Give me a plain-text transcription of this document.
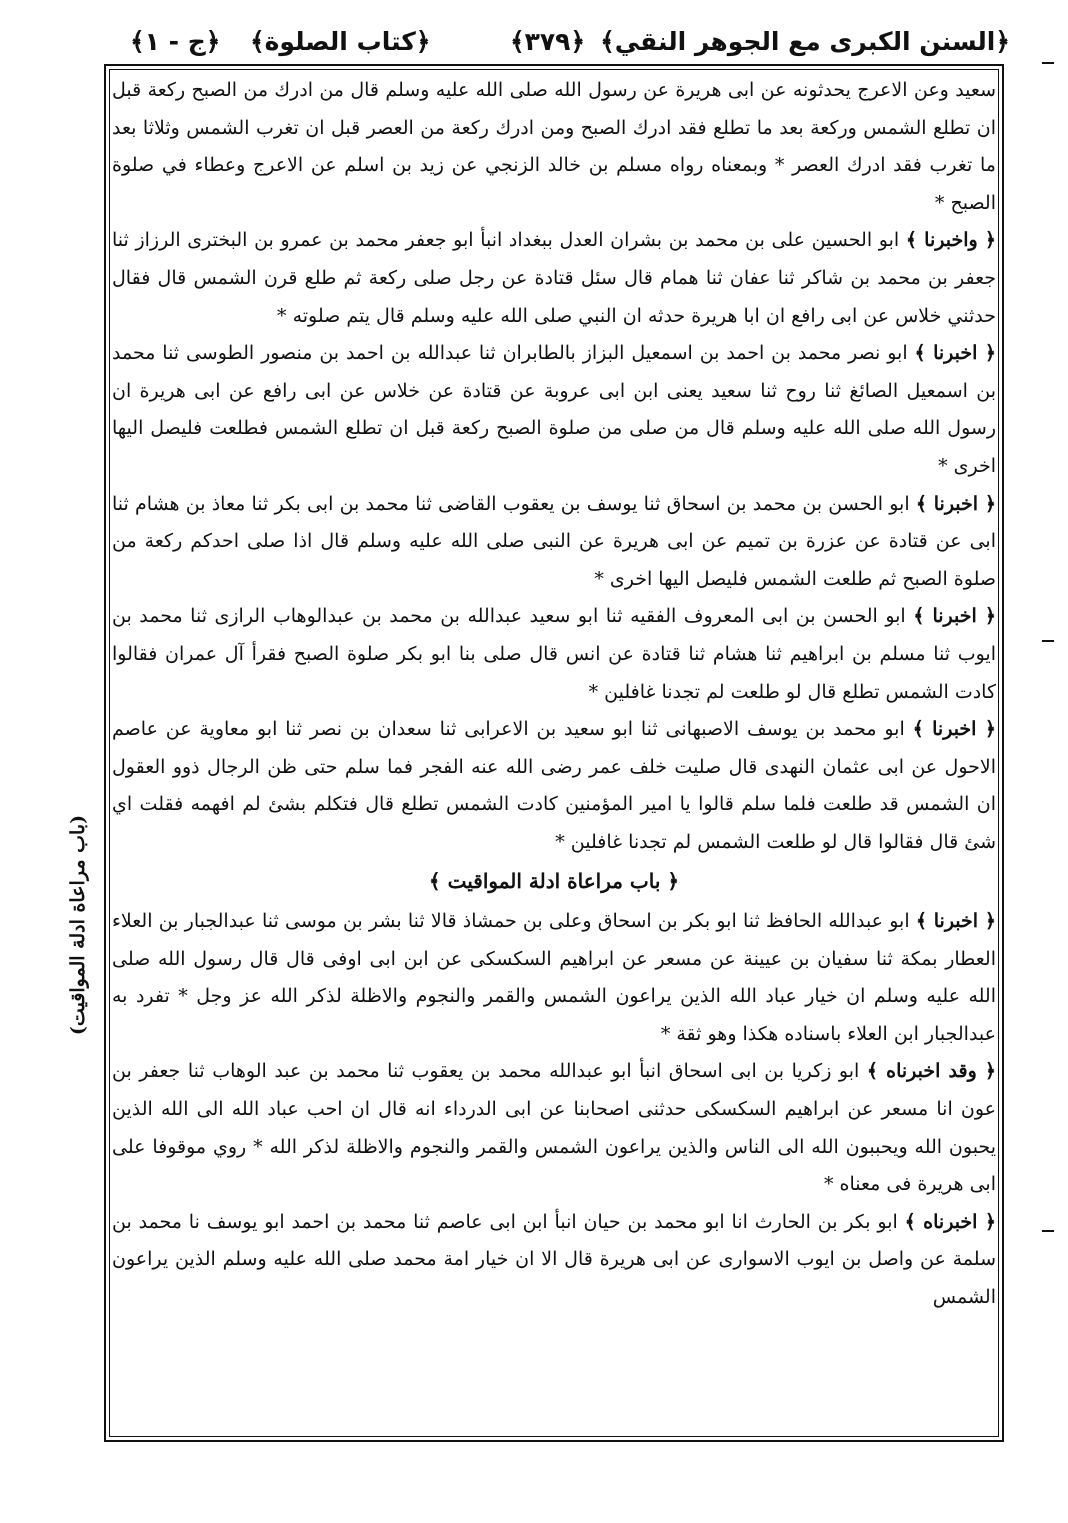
﴿السنن الكبرى مع الجوهر النقي﴾
﴿٣٧٩﴾
﴿كتاب الصلوة﴾
﴿ج - ١﴾

سعيد وعن الاعرج يحدثونه عن ابى هريرة عن رسول الله صلى الله عليه وسلم قال من ادرك من الصبح ركعة قبل ان تطلع الشمس وركعة بعد ما تطلع فقد ادرك الصبح ومن ادرك ركعة من العصر قبل ان تغرب الشمس وثلاثا بعد ما تغرب فقد ادرك العصر * وبمعناه رواه مسلم بن خالد الزنجي عن زيد بن اسلم عن الاعرج وعطاء في صلوة الصبح *

﴿ واخبرنا ﴾ ابو الحسين على بن محمد بن بشران العدل ببغداد انبأ ابو جعفر محمد بن عمرو بن البخترى الرزاز ثنا جعفر بن محمد بن شاكر ثنا عفان ثنا همام قال سئل قتادة عن رجل صلى ركعة ثم طلع قرن الشمس قال فقال حدثني خلاس عن ابى رافع ان ابا هريرة حدثه ان النبي صلى الله عليه وسلم قال يتم صلوته *

﴿ اخبرنا ﴾ ابو نصر محمد بن احمد بن اسمعيل البزاز بالطابران ثنا عبدالله بن احمد بن منصور الطوسى ثنا محمد بن اسمعيل الصائغ ثنا روح ثنا سعيد يعنى ابن ابى عروبة عن قتادة عن خلاس عن ابى رافع عن ابى هريرة ان رسول الله صلى الله عليه وسلم قال من صلى من صلوة الصبح ركعة قبل ان تطلع الشمس فطلعت فليصل اليها اخرى *

﴿ اخبرنا ﴾ ابو الحسن بن محمد بن اسحاق ثنا يوسف بن يعقوب القاضى ثنا محمد بن ابى بكر ثنا معاذ بن هشام ثنا ابى عن قتادة عن عزرة بن تميم عن ابى هريرة عن النبى صلى الله عليه وسلم قال اذا صلى احدكم ركعة من صلوة الصبح ثم طلعت الشمس فليصل اليها اخرى *

﴿ اخبرنا ﴾ ابو الحسن بن ابى المعروف الفقيه ثنا ابو سعيد عبدالله بن محمد بن عبدالوهاب الرازى ثنا محمد بن ايوب ثنا مسلم بن ابراهيم ثنا هشام ثنا قتادة عن انس قال صلى بنا ابو بكر صلوة الصبح فقرأ آل عمران فقالوا كادت الشمس تطلع قال لو طلعت لم تجدنا غافلين *

﴿ اخبرنا ﴾ ابو محمد بن يوسف الاصبهانى ثنا ابو سعيد بن الاعرابى ثنا سعدان بن نصر ثنا ابو معاوية عن عاصم الاحول عن ابى عثمان النهدى قال صليت خلف عمر رضى الله عنه الفجر فما سلم حتى ظن الرجال ذوو العقول ان الشمس قد طلعت فلما سلم قالوا يا امير المؤمنين كادت الشمس تطلع قال فتكلم بشئ لم افهمه فقلت اي شئ قال فقالوا قال لو طلعت الشمس لم تجدنا غافلين *

﴿ باب مراعاة ادلة المواقيت ﴾

﴿ اخبرنا ﴾ ابو عبدالله الحافظ ثنا ابو بكر بن اسحاق وعلى بن حمشاذ قالا ثنا بشر بن موسى ثنا عبدالجبار بن العلاء العطار بمكة ثنا سفيان بن عيينة عن مسعر عن ابراهيم السكسكى عن ابن ابى اوفى قال قال رسول الله صلى الله عليه وسلم ان خيار عباد الله الذين يراعون الشمس والقمر والنجوم والاظلة لذكر الله عز وجل * تفرد به عبدالجبار ابن العلاء باسناده هكذا وهو ثقة *

﴿ وقد اخبرناه ﴾ ابو زكريا بن ابى اسحاق انبأ ابو عبدالله محمد بن يعقوب ثنا محمد بن عبد الوهاب ثنا جعفر بن عون انا مسعر عن ابراهيم السكسكى حدثنى اصحابنا عن ابى الدرداء انه قال ان احب عباد الله الى الله الذين يحبون الله ويحببون الله الى الناس والذين يراعون الشمس والقمر والنجوم والاظلة لذكر الله * روي موقوفا على ابى هريرة فى معناه *

﴿ اخبرناه ﴾ ابو بكر بن الحارث انا ابو محمد بن حيان انبأ ابن ابى عاصم ثنا محمد بن احمد ابو يوسف نا محمد بن سلمة عن واصل بن ايوب الاسوارى عن ابى هريرة قال الا ان خيار امة محمد صلى الله عليه وسلم الذين يراعون الشمس

(باب مراعاة ادلة المواقيت)
